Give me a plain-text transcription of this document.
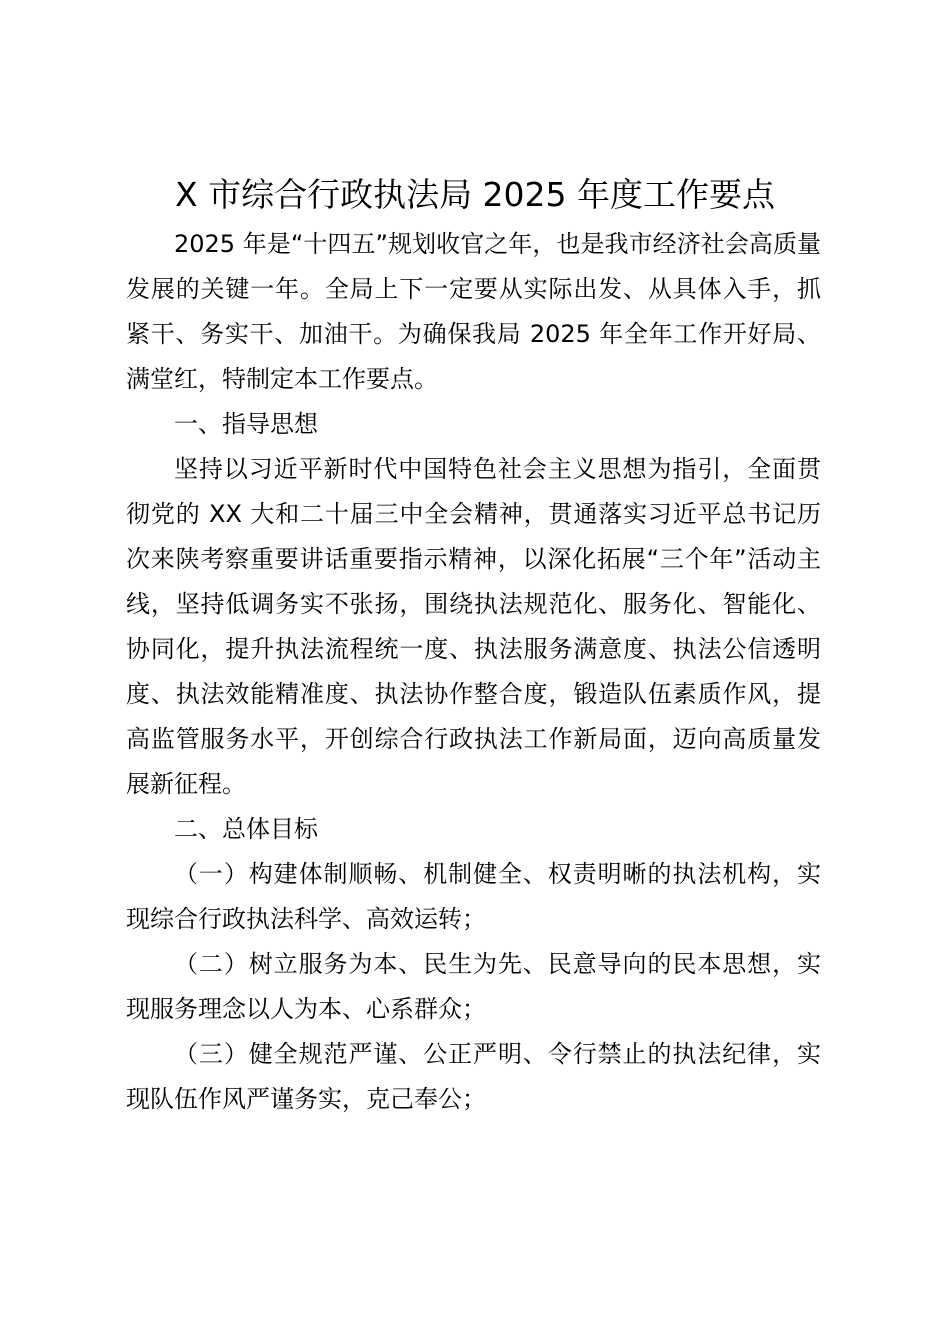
X 市综合行政执法局 2025 年度工作要点

2025 年是“十四五”规划收官之年，也是我市经济社会高质量发展的关键一年。全局上下一定要从实际出发、从具体入手，抓紧干、务实干、加油干。为确保我局 2025 年全年工作开好局、满堂红，特制定本工作要点。

一、指导思想

坚持以习近平新时代中国特色社会主义思想为指引，全面贯彻党的 XX 大和二十届三中全会精神，贯通落实习近平总书记历次来陕考察重要讲话重要指示精神，以深化拓展“三个年”活动主线，坚持低调务实不张扬，围绕执法规范化、服务化、智能化、协同化，提升执法流程统一度、执法服务满意度、执法公信透明度、执法效能精准度、执法协作整合度，锻造队伍素质作风，提高监管服务水平，开创综合行政执法工作新局面，迈向高质量发展新征程。

二、总体目标

（一）构建体制顺畅、机制健全、权责明晰的执法机构，实现综合行政执法科学、高效运转；

（二）树立服务为本、民生为先、民意导向的民本思想，实现服务理念以人为本、心系群众；

（三）健全规范严谨、公正严明、令行禁止的执法纪律，实现队伍作风严谨务实，克己奉公；
